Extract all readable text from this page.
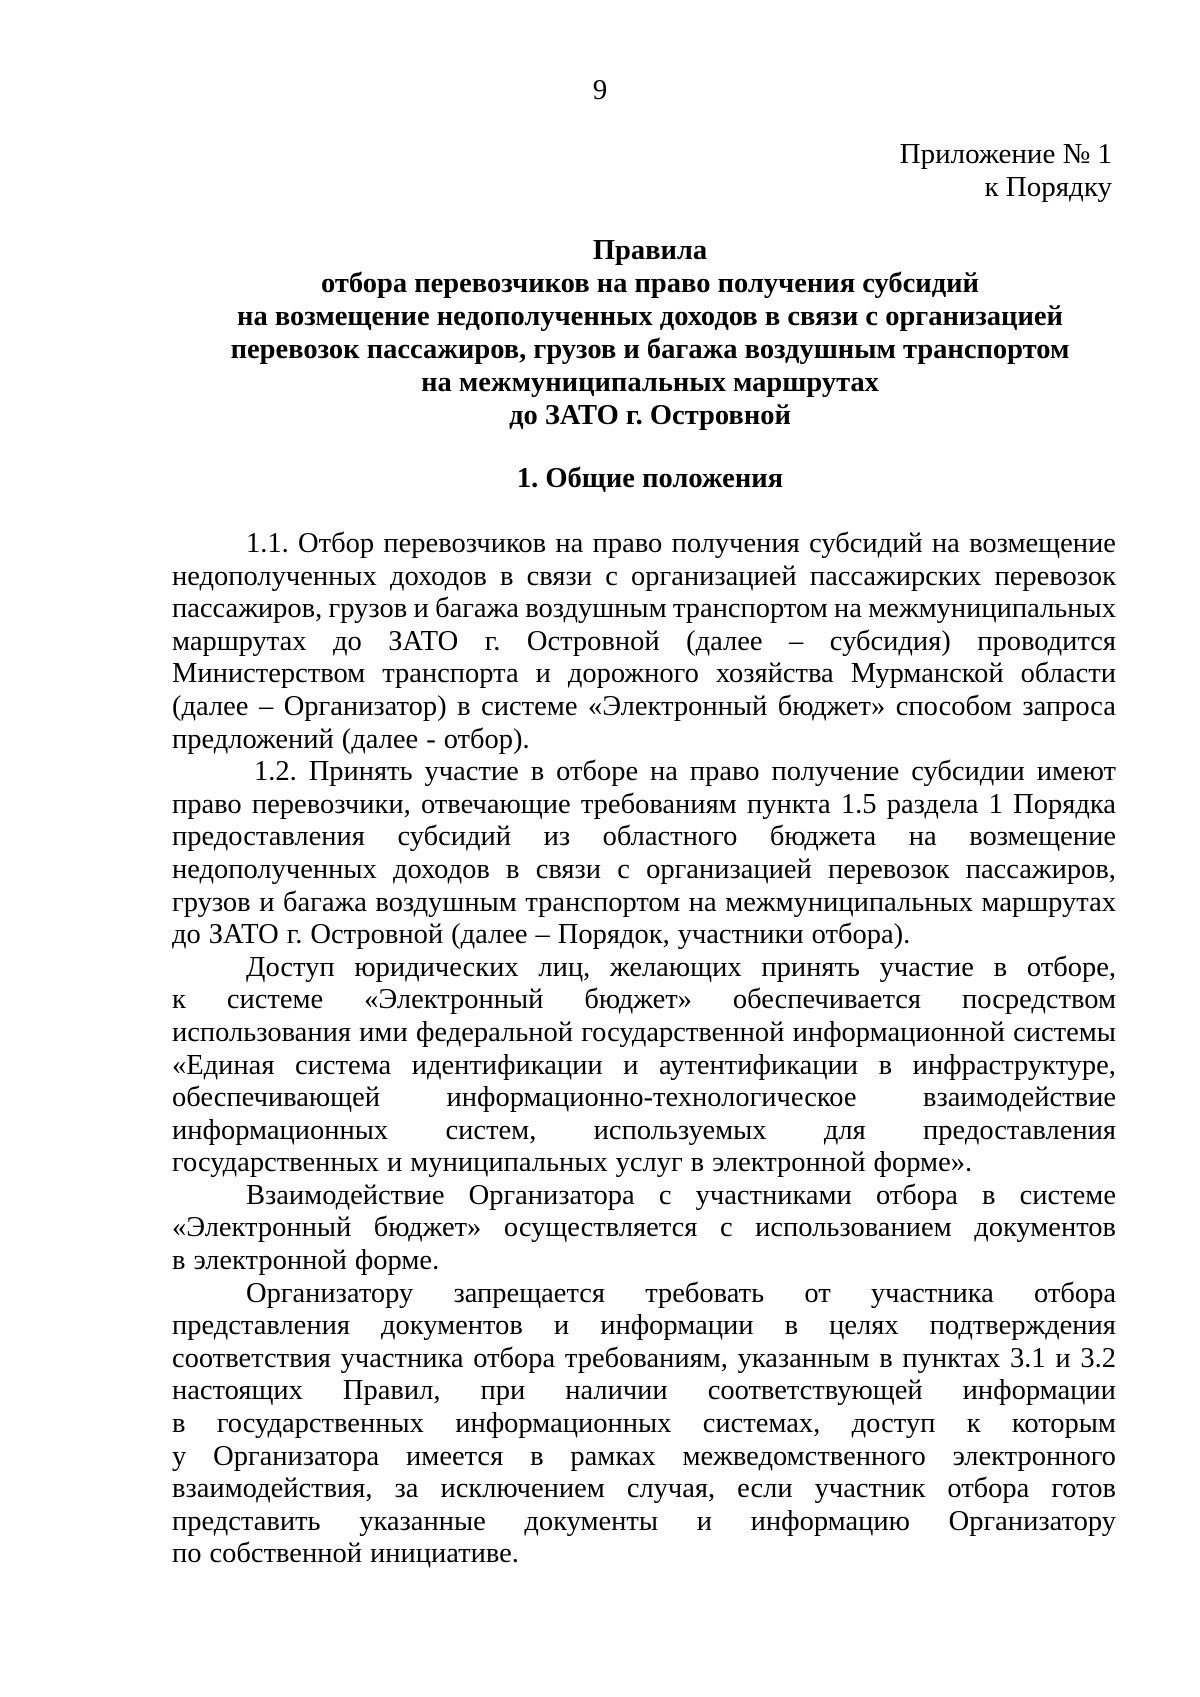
9
Приложение № 1
к Порядку
Правила
отбора перевозчиков на право получения субсидий
на возмещение недополученных доходов в связи с организацией
перевозок пассажиров, грузов и багажа воздушным транспортом
на межмуниципальных маршрутах
до ЗАТО г. Островной
1. Общие положения
1.1. Отбор перевозчиков на право получения субсидий на возмещение
недополученных доходов в связи с организацией пассажирских перевозок
пассажиров, грузов и багажа воздушным транспортом на межмуниципальных
маршрутах до ЗАТО г. Островной (далее – субсидия) проводится
Министерством транспорта и дорожного хозяйства Мурманской области
(далее – Организатор) в системе «Электронный бюджет» способом запроса
предложений (далее - отбор).
1.2. Принять участие в отборе на право получение субсидии имеют
право перевозчики, отвечающие требованиям пункта 1.5 раздела 1 Порядка
предоставления субсидий из областного бюджета на возмещение
недополученных доходов в связи с организацией перевозок пассажиров,
грузов и багажа воздушным транспортом на межмуниципальных маршрутах
до ЗАТО г. Островной (далее – Порядок, участники отбора).
Доступ юридических лиц, желающих принять участие в отборе,
к системе «Электронный бюджет» обеспечивается посредством
использования ими федеральной государственной информационной системы
«Единая система идентификации и аутентификации в инфраструктуре,
обеспечивающей информационно-технологическое взаимодействие
информационных систем, используемых для предоставления
государственных и муниципальных услуг в электронной форме».
Взаимодействие Организатора с участниками отбора в системе
«Электронный бюджет» осуществляется с использованием документов
в электронной форме.
Организатору запрещается требовать от участника отбора
представления документов и информации в целях подтверждения
соответствия участника отбора требованиям, указанным в пунктах 3.1 и 3.2
настоящих Правил, при наличии соответствующей информации
в государственных информационных системах, доступ к которым
у Организатора имеется в рамках межведомственного электронного
взаимодействия, за исключением случая, если участник отбора готов
представить указанные документы и информацию Организатору
по собственной инициативе.
